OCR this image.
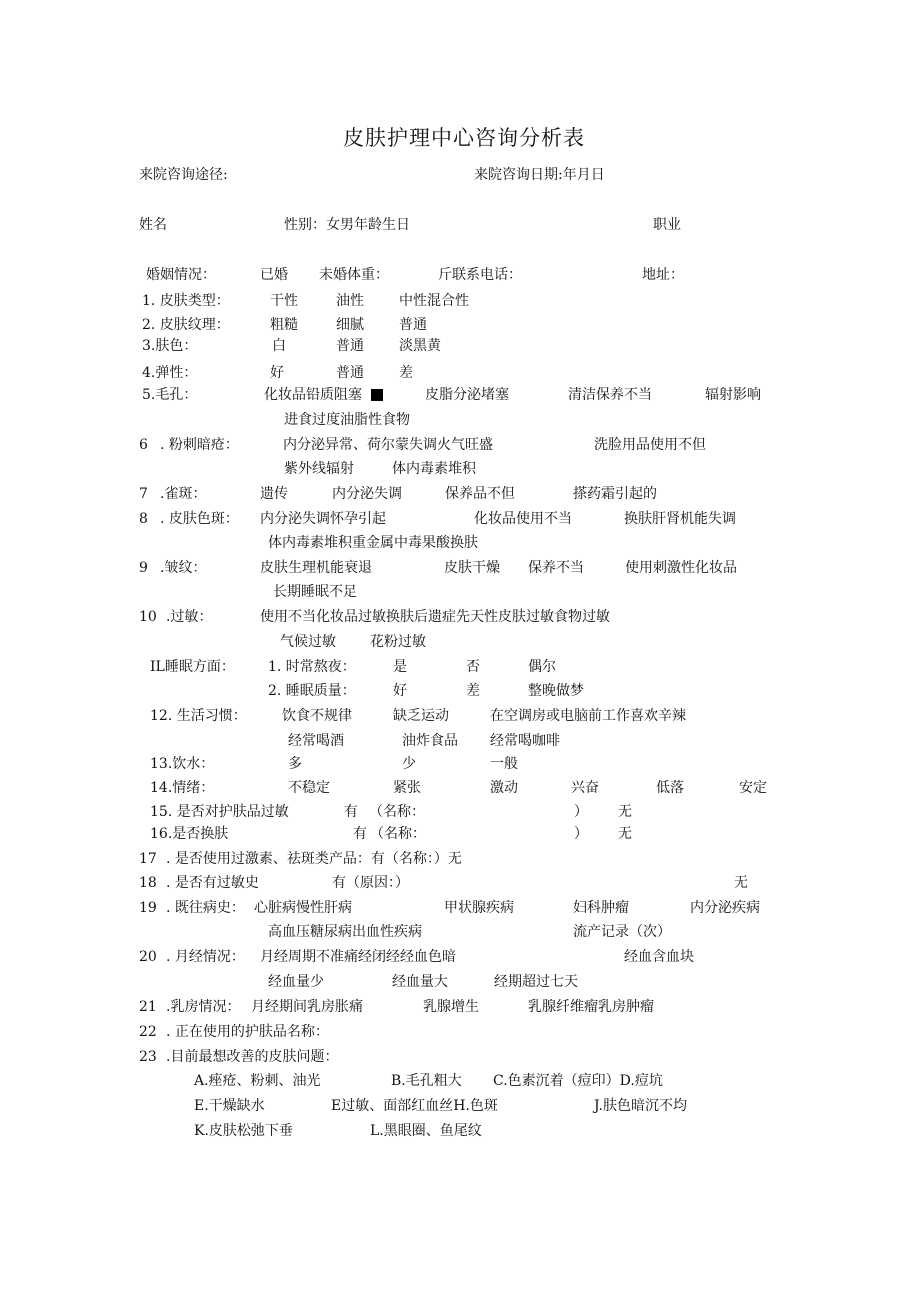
皮肤护理中心咨询分析表
来院咨询途径:	来院咨询日期:年月日
姓名	性别：女男年龄生日	职业
婚姻情况：	已婚 未婚体重：	斤联系电话：	地址：
1. 皮肤类型：	干性	油性	中性混合性
2. 皮肤纹理：	粗糙	细腻	普通
3.肤色：	白	普通	淡黑黄
4.弹性：	好	普通	差
5.毛孔：	化妆品铅质阻塞	皮脂分泌堵塞	清洁保养不当	辐射影响
进食过度油脂性食物
6 . 粉刺暗疮：	内分泌异常、荷尔蒙失调火气旺盛	洗脸用品使用不但
紫外线辐射	体内毒素堆积
7 .雀斑：	遗传	内分泌失调	保养品不但	搽药霜引起的
8 . 皮肤色斑： 内分泌失调怀孕引起	化妆品使用不当	换肤肝肾机能失调
体内毒素堆积重金属中毒果酸换肤
9 .皱纹：	皮肤生理机能衰退	皮肤干燥 保养不当	使用刺激性化妆品
长期睡眠不足
10 .过敏：	使用不当化妆品过敏换肤后遗症先天性皮肤过敏食物过敏
气候过敏 花粉过敏
IL睡眠方面： 1. 时常熬夜：	是	否	偶尔
2. 睡眠质量：	好	差	整晚做梦
12. 生活习惯：	饮食不规律	缺乏运动	在空调房或电脑前工作喜欢辛辣
经常喝酒	油炸食品 经常喝咖啡
13.饮水：	多	少	一般
14.情绪：	不稳定	紧张	激动	兴奋	低落	安定
15. 是否对护肤品过敏	有 （名称：	） 无
16.是否换肤	有 （名称：	） 无
17 . 是否使用过激素、祛斑类产品：有（名称：）无
18 . 是否有过敏史	有（原因：）	无
19 . 既往病史： 心脏病慢性肝病	甲状腺疾病	妇科肿瘤	内分泌疾病
高血压糖尿病出血性疾病	流产记录（次）
20 . 月经情况： 月经周期不准痛经闭经经血色暗	经血含血块
经血量少	经血量大	经期超过七天
21 .乳房情况： 月经期间乳房胀痛	乳腺增生	乳腺纤维瘤乳房肿瘤
22 . 正在使用的护肤品名称：
23 .目前最想改善的皮肤问题：
A.痤疮、粉刺、油光	B.毛孔粗大 C.色素沉着（痘印）D.痘坑
E.干燥缺水	E过敏、面部红血丝H.色斑	J.肤色暗沉不均
K.皮肤松弛下垂	L.黑眼圈、鱼尾纹
